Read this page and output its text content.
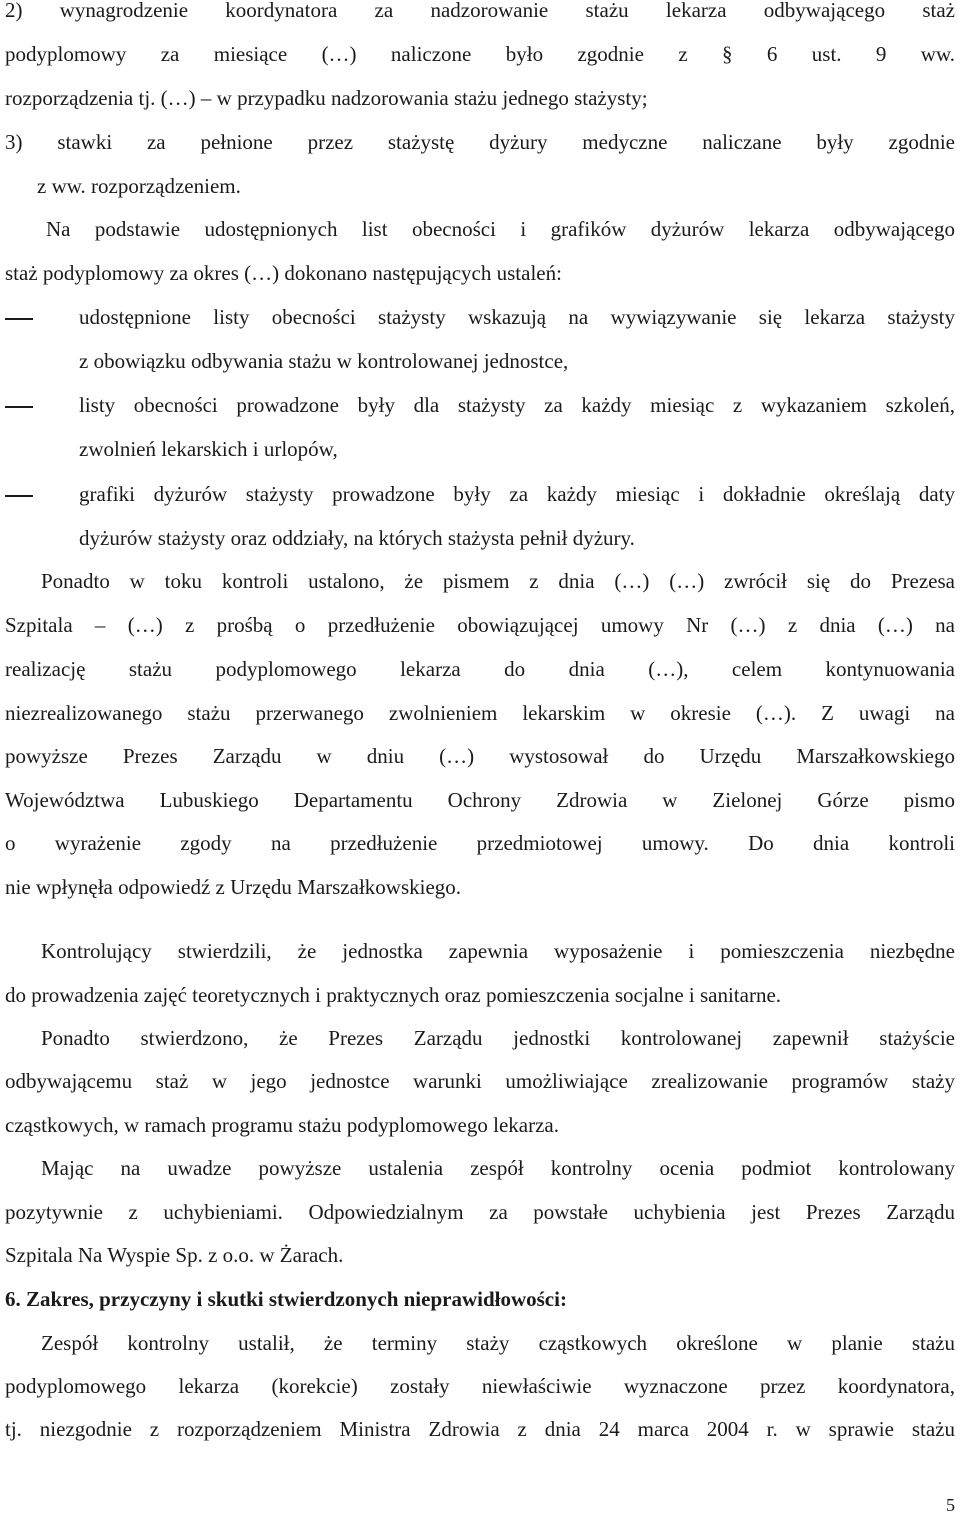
2) wynagrodzenie koordynatora za nadzorowanie stażu lekarza odbywającego staż
podyplomowy za miesiące (…) naliczone było zgodnie z § 6 ust. 9 ww.
rozporządzenia tj. (…) – w przypadku nadzorowania stażu jednego stażysty;
3) stawki za pełnione przez stażystę dyżury medyczne naliczane były zgodnie
z ww. rozporządzeniem.
Na podstawie udostępnionych list obecności i grafików dyżurów lekarza odbywającego
staż podyplomowy za okres (…) dokonano następujących ustaleń:
udostępnione listy obecności stażysty wskazują na wywiązywanie się lekarza stażysty
z obowiązku odbywania stażu w kontrolowanej jednostce,
listy obecności prowadzone były dla stażysty za każdy miesiąc z wykazaniem szkoleń,
zwolnień lekarskich i urlopów,
grafiki dyżurów stażysty prowadzone były za każdy miesiąc i dokładnie określają daty
dyżurów stażysty oraz oddziały, na których stażysta pełnił dyżury.
Ponadto w toku kontroli ustalono, że pismem z dnia (…) (…) zwrócił się do Prezesa
Szpitala – (…) z prośbą o przedłużenie obowiązującej umowy Nr (…) z dnia (…) na
realizację stażu podyplomowego lekarza do dnia (…), celem kontynuowania
niezrealizowanego stażu przerwanego zwolnieniem lekarskim w okresie (…). Z uwagi na
powyższe Prezes Zarządu w dniu (…) wystosował do Urzędu Marszałkowskiego
Województwa Lubuskiego Departamentu Ochrony Zdrowia w Zielonej Górze pismo
o wyrażenie zgody na przedłużenie przedmiotowej umowy. Do dnia kontroli
nie wpłynęła odpowiedź z Urzędu Marszałkowskiego.
Kontrolujący stwierdzili, że jednostka zapewnia wyposażenie i pomieszczenia niezbędne
do prowadzenia zajęć teoretycznych i praktycznych oraz pomieszczenia socjalne i sanitarne.
Ponadto stwierdzono, że Prezes Zarządu jednostki kontrolowanej zapewnił stażyście
odbywającemu staż w jego jednostce warunki umożliwiające zrealizowanie programów staży
cząstkowych, w ramach programu stażu podyplomowego lekarza.
Mając na uwadze powyższe ustalenia zespół kontrolny ocenia podmiot kontrolowany
pozytywnie z uchybieniami. Odpowiedzialnym za powstałe uchybienia jest Prezes Zarządu
Szpitala Na Wyspie Sp. z o.o. w Żarach.
6. Zakres, przyczyny i skutki stwierdzonych nieprawidłowości:
Zespół kontrolny ustalił, że terminy staży cząstkowych określone w planie stażu
podyplomowego lekarza (korekcie) zostały niewłaściwie wyznaczone przez koordynatora,
tj. niezgodnie z rozporządzeniem Ministra Zdrowia z dnia 24 marca 2004 r. w sprawie stażu
5
